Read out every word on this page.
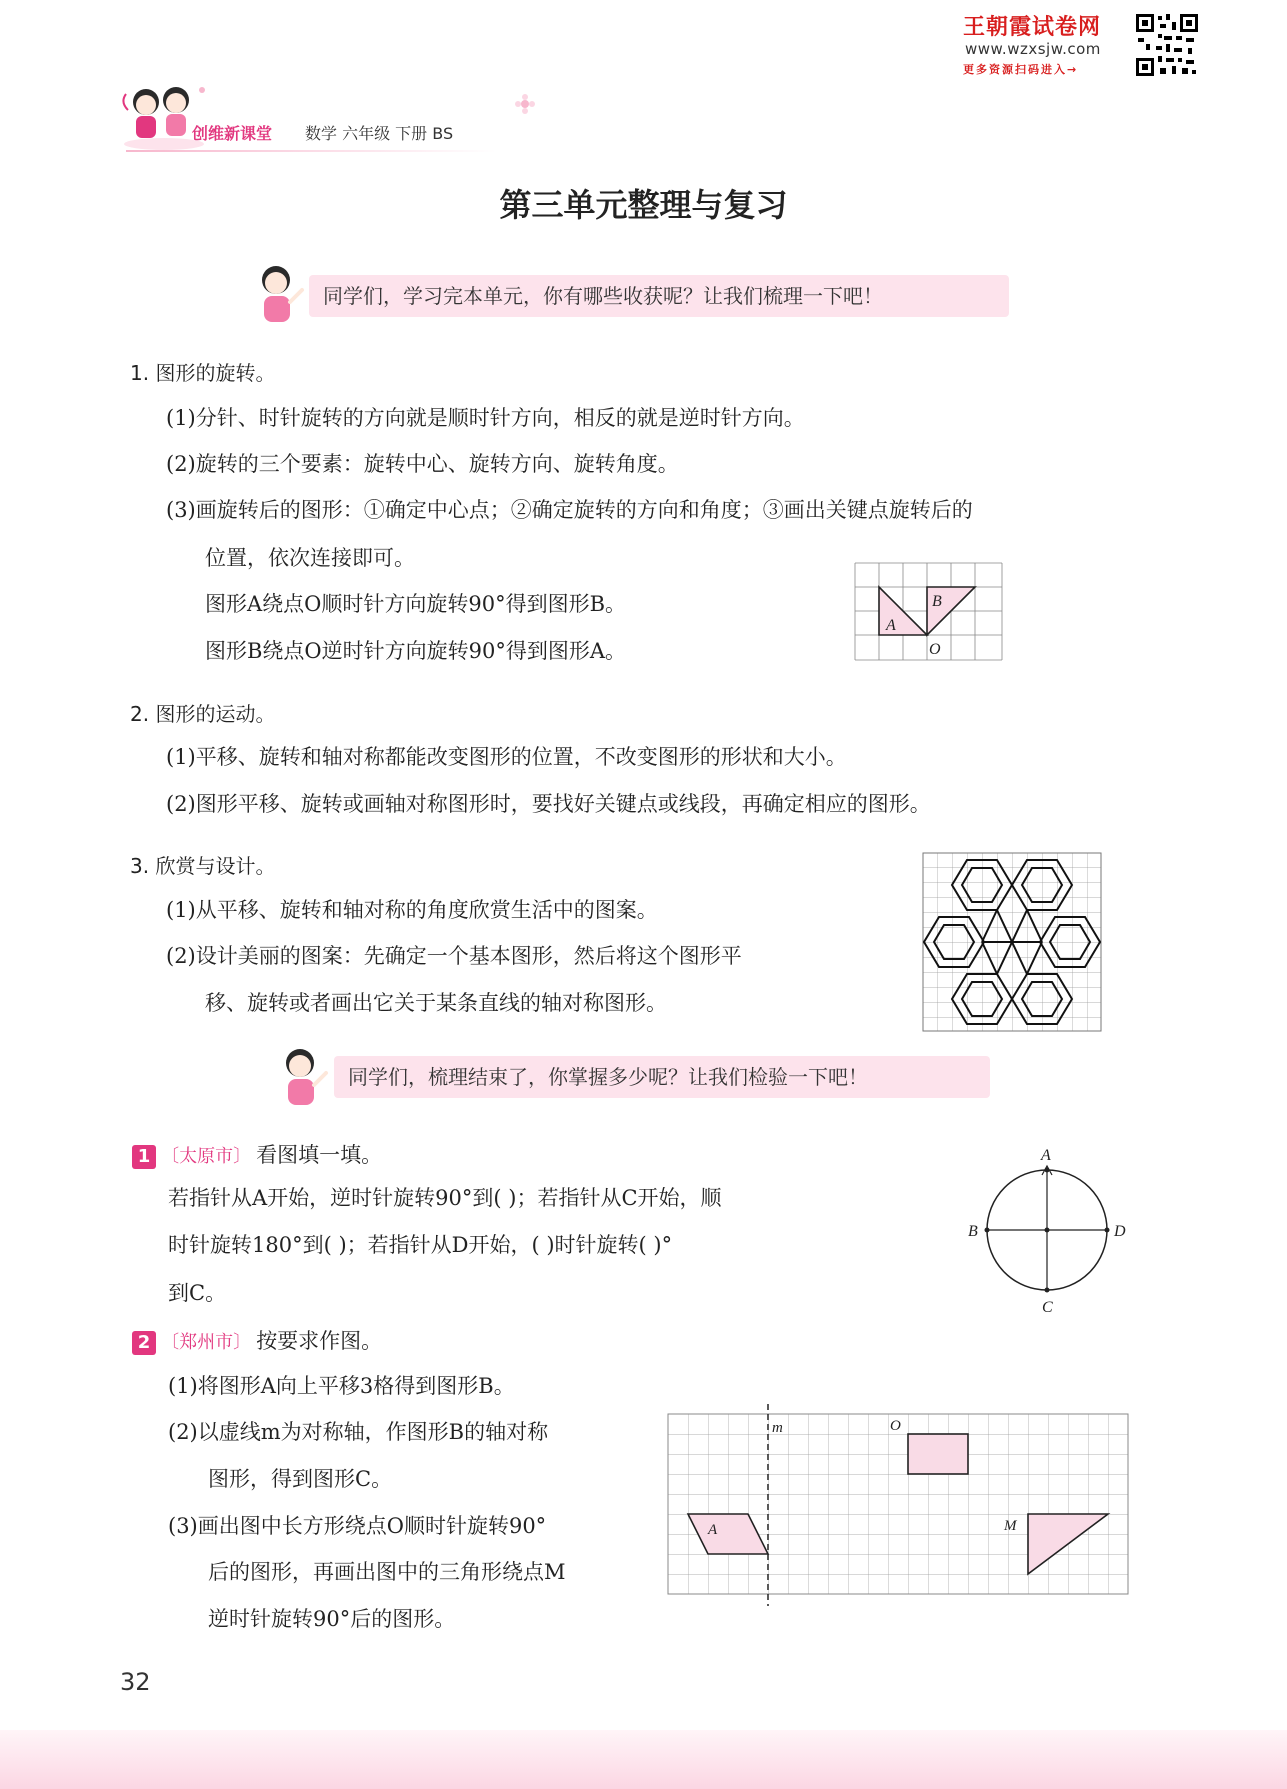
王朝霞试卷网
www.wzxsjw.com
更多资源扫码进入→
创维新课堂 数学 六年级 下册 BS
第三单元整理与复习
同学们，学习完本单元，你有哪些收获呢？让我们梳理一下吧！
1. 图形的旋转。
(1)分针、时针旋转的方向就是顺时针方向，相反的就是逆时针方向。
(2)旋转的三个要素：旋转中心、旋转方向、旋转角度。
(3)画旋转后的图形：①确定中心点；②确定旋转的方向和角度；③画出关键点旋转后的
位置，依次连接即可。
图形A绕点O顺时针方向旋转90°得到图形B。
图形B绕点O逆时针方向旋转90°得到图形A。
A
B
O
2. 图形的运动。
(1)平移、旋转和轴对称都能改变图形的位置，不改变图形的形状和大小。
(2)图形平移、旋转或画轴对称图形时，要找好关键点或线段，再确定相应的图形。
3. 欣赏与设计。
(1)从平移、旋转和轴对称的角度欣赏生活中的图案。
(2)设计美丽的图案：先确定一个基本图形，然后将这个图形平
移、旋转或者画出它关于某条直线的轴对称图形。
同学们，梳理结束了，你掌握多少呢？让我们检验一下吧！
1 〔太原市〕 看图填一填。
若指针从A开始，逆时针旋转90°到( )；若指针从C开始，顺
时针旋转180°到( )；若指针从D开始，( )时针旋转( )°
到C。
A
B
C
D
2 〔郑州市〕 按要求作图。
(1)将图形A向上平移3格得到图形B。
(2)以虚线m为对称轴，作图形B的轴对称
图形，得到图形C。
(3)画出图中长方形绕点O顺时针旋转90°
后的图形，再画出图中的三角形绕点M
逆时针旋转90°后的图形。
m	O
A	M
32
